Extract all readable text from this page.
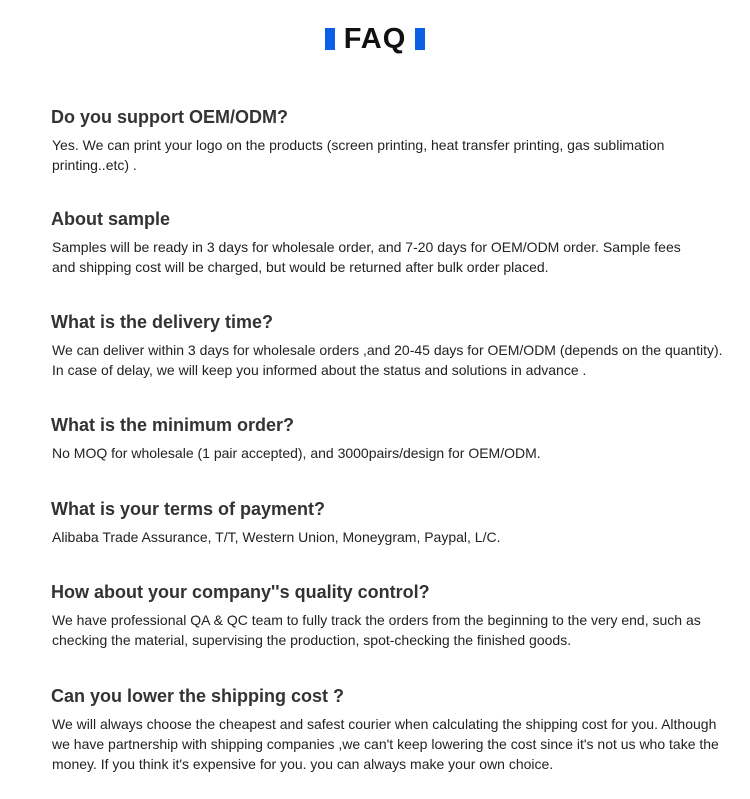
FAQ
Do you support OEM/ODM?

Yes. We can print your logo on the products (screen printing, heat transfer printing, gas sublimation
printing..etc) .

About sample

Samples will be ready in 3 days for wholesale order, and 7-20 days for OEM/ODM order. Sample fees
and shipping cost will be charged, but would be returned after bulk order placed.

What is the delivery time?

We can deliver within 3 days for wholesale orders ,and 20-45 days for OEM/ODM (depends on the quantity).
In case of delay, we will keep you informed about the status and solutions in advance .

What is the minimum order?

No MOQ for wholesale (1 pair accepted), and 3000pairs/design for OEM/ODM.

What is your terms of payment?

Alibaba Trade Assurance, T/T, Western Union, Moneygram, Paypal, L/C.

How about your company''s quality control?

We have professional QA & QC team to fully track the orders from the beginning to the very end, such as
checking the material, supervising the production, spot-checking the finished goods.

Can you lower the shipping cost ?

We will always choose the cheapest and safest courier when calculating the shipping cost for you. Although
we have partnership with shipping companies ,we can't keep lowering the cost since it's not us who take the
money. If you think it's expensive for you. you can always make your own choice.
